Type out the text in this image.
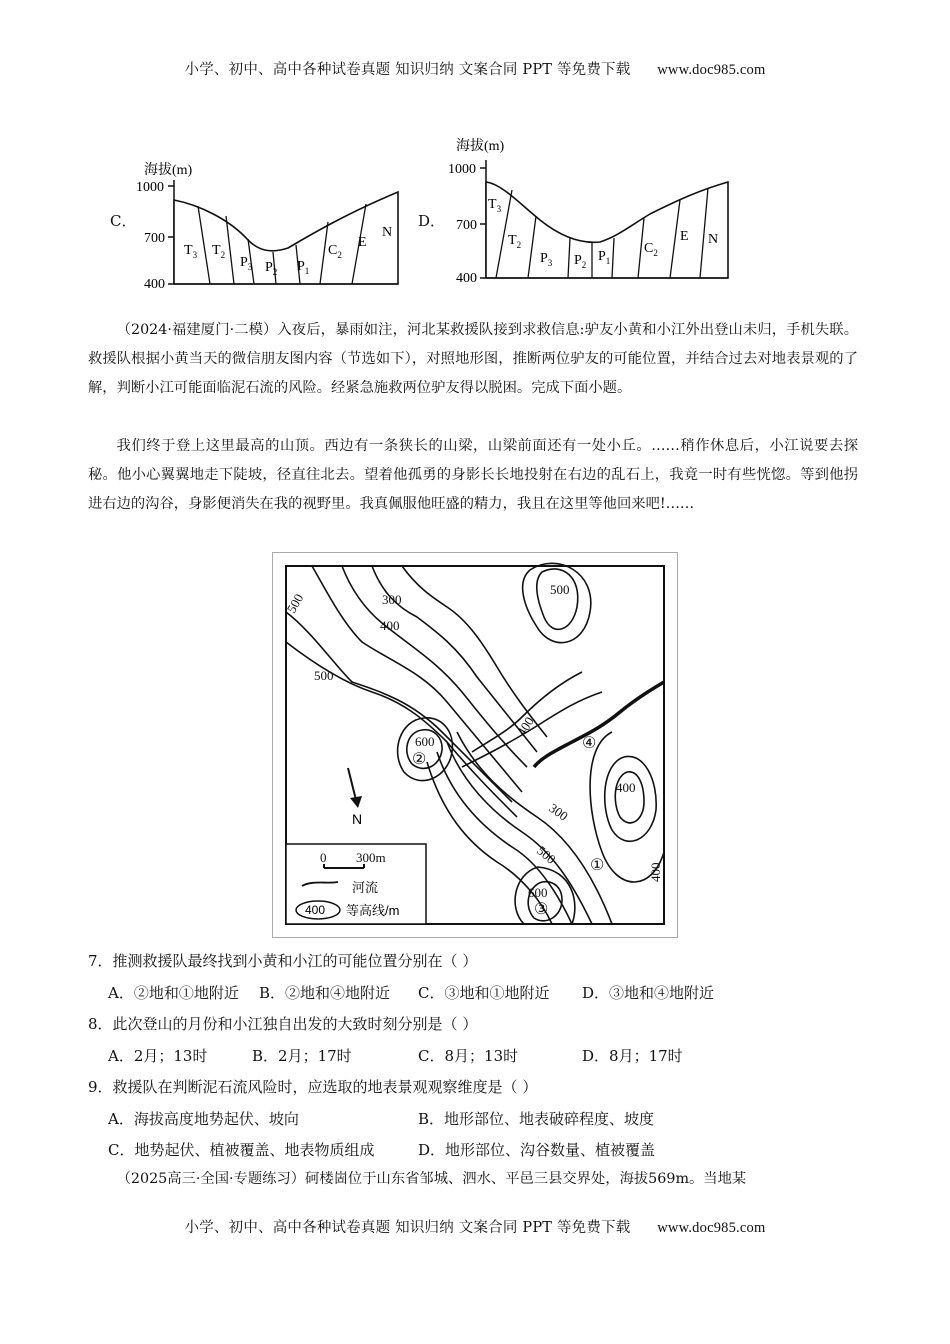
小学、初中、高中各种试卷真题 知识归纳 文案合同 PPT 等免费下载 www.doc985.com
C．
海拔(m)
1000
700
400
$T_3$ $T_2$ $P_3$ $P_2$ $P_1$
$C_2$
E
N
D．
海拔(m)
1000
700
400
$T_3$
$T_2$
$P_3$ $P_2$
$P_1$
$C_2$
E N

（2024·福建厦门·二模）入夜后，暴雨如注，河北某救援队接到求救信息:驴友小黄和小江外出登山未归，手机失联。救援队根据小黄当天的微信朋友图内容（节选如下），对照地形图，推断两位驴友的可能位置，并结合过去对地表景观的了解，判断小江可能面临泥石流的风险。经紧急施救两位驴友得以脱困。完成下面小题。

我们终于登上这里最高的山顶。西边有一条狭长的山梁，山梁前面还有一处小丘。……稍作休息后，小江说要去探秘。他小心翼翼地走下陡坡，径直往北去。望着他孤勇的身影长长地投射在右边的乱石上，我竟一时有些恍惚。等到他拐进右边的沟谷，身影便消失在我的视野里。我真佩服他旺盛的精力，我且在这里等他回来吧!……

500	300
400
500
500
600
400
300
500
400
600
400
①
②
③
④
N
0 300m
河流
400 等高线/m

7．推测救援队最终找到小黄和小江的可能位置分别在（ ）

A．②地和①地附近 B．②地和④地附近 C．③地和①地附近 D．③地和④地附近

8．此次登山的月份和小江独自出发的大致时刻分别是（ ）

A．2月；13时	B．2月；17时	C．8月；13时	D．8月；17时

9．救援队在判断泥石流风险时，应选取的地表景观观察维度是（ ）

A．海拔高度地势起伏、坡向	B．地形部位、地表破碎程度、坡度

C．地势起伏、植被覆盖、地表物质组成	D．地形部位、沟谷数量、植被覆盖

（2025高三·全国·专题练习）砢楼崮位于山东省邹城、泗水、平邑三县交界处，海拔569m。当地某

小学、初中、高中各种试卷真题 知识归纳 文案合同 PPT 等免费下载 www.doc985.com
